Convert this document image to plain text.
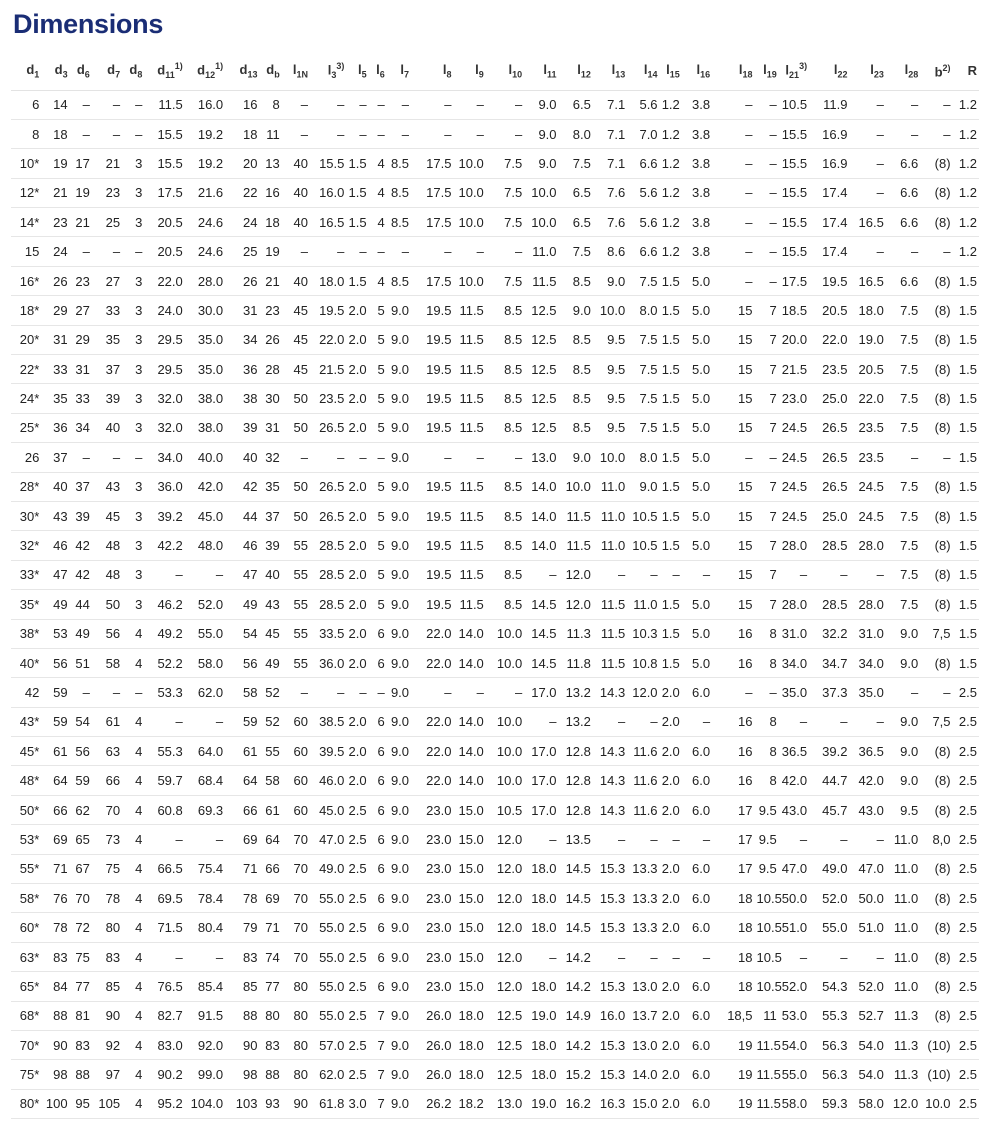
Dimensions
$d_1$	$d_3$	$d_6$	$d_7$	$d_8$	$d_{11}^{1)}$	$d_{12}^{1)}$	$d_{13}$	$d_b$	$l_{1N}$	$l_3^{3)}$	$l_5$	$l_6$	$l_7$	$l_8$	$l_9$	$l_{10}$	$l_{11}$	$l_{12}$	$l_{13}$	$l_{14}$	$l_{15}$	$l_{16}$	$l_{18}$	$l_{19}$	$l_{21}^{3)}$	$l_{22}$	$l_{23}$	$l_{28}$	$b^{2)}$	R
6	14	–	–	–	11.5	16.0	16	8	–	–	–	–	–	–	–	–	9.0	6.5	7.1	5.6	1.2	3.8	–	–	10.5	11.9	–	–	–	1.2
8	18	–	–	–	15.5	19.2	18	11	–	–	–	–	–	–	–	–	9.0	8.0	7.1	7.0	1.2	3.8	–	–	15.5	16.9	–	–	–	1.2
10*	19	17	21	3	15.5	19.2	20	13	40	15.5	1.5	4	8.5	17.5	10.0	7.5	9.0	7.5	7.1	6.6	1.2	3.8	–	–	15.5	16.9	–	6.6	(8)	1.2
12*	21	19	23	3	17.5	21.6	22	16	40	16.0	1.5	4	8.5	17.5	10.0	7.5	10.0	6.5	7.6	5.6	1.2	3.8	–	–	15.5	17.4	–	6.6	(8)	1.2
14*	23	21	25	3	20.5	24.6	24	18	40	16.5	1.5	4	8.5	17.5	10.0	7.5	10.0	6.5	7.6	5.6	1.2	3.8	–	–	15.5	17.4	16.5	6.6	(8)	1.2
15	24	–	–	–	20.5	24.6	25	19	–	–	–	–	–	–	–	–	11.0	7.5	8.6	6.6	1.2	3.8	–	–	15.5	17.4	–	–	–	1.2
16*	26	23	27	3	22.0	28.0	26	21	40	18.0	1.5	4	8.5	17.5	10.0	7.5	11.5	8.5	9.0	7.5	1.5	5.0	–	–	17.5	19.5	16.5	6.6	(8)	1.5
18*	29	27	33	3	24.0	30.0	31	23	45	19.5	2.0	5	9.0	19.5	11.5	8.5	12.5	9.0	10.0	8.0	1.5	5.0	15	7	18.5	20.5	18.0	7.5	(8)	1.5
20*	31	29	35	3	29.5	35.0	34	26	45	22.0	2.0	5	9.0	19.5	11.5	8.5	12.5	8.5	9.5	7.5	1.5	5.0	15	7	20.0	22.0	19.0	7.5	(8)	1.5
22*	33	31	37	3	29.5	35.0	36	28	45	21.5	2.0	5	9.0	19.5	11.5	8.5	12.5	8.5	9.5	7.5	1.5	5.0	15	7	21.5	23.5	20.5	7.5	(8)	1.5
24*	35	33	39	3	32.0	38.0	38	30	50	23.5	2.0	5	9.0	19.5	11.5	8.5	12.5	8.5	9.5	7.5	1.5	5.0	15	7	23.0	25.0	22.0	7.5	(8)	1.5
25*	36	34	40	3	32.0	38.0	39	31	50	26.5	2.0	5	9.0	19.5	11.5	8.5	12.5	8.5	9.5	7.5	1.5	5.0	15	7	24.5	26.5	23.5	7.5	(8)	1.5
26	37	–	–	–	34.0	40.0	40	32	–	–	–	–	9.0	–	–	–	13.0	9.0	10.0	8.0	1.5	5.0	–	–	24.5	26.5	23.5	–	–	1.5
28*	40	37	43	3	36.0	42.0	42	35	50	26.5	2.0	5	9.0	19.5	11.5	8.5	14.0	10.0	11.0	9.0	1.5	5.0	15	7	24.5	26.5	24.5	7.5	(8)	1.5
30*	43	39	45	3	39.2	45.0	44	37	50	26.5	2.0	5	9.0	19.5	11.5	8.5	14.0	11.5	11.0	10.5	1.5	5.0	15	7	24.5	25.0	24.5	7.5	(8)	1.5
32*	46	42	48	3	42.2	48.0	46	39	55	28.5	2.0	5	9.0	19.5	11.5	8.5	14.0	11.5	11.0	10.5	1.5	5.0	15	7	28.0	28.5	28.0	7.5	(8)	1.5
33*	47	42	48	3	–	–	47	40	55	28.5	2.0	5	9.0	19.5	11.5	8.5	–	12.0	–	–	–	–	15	7	–	–	–	7.5	(8)	1.5
35*	49	44	50	3	46.2	52.0	49	43	55	28.5	2.0	5	9.0	19.5	11.5	8.5	14.5	12.0	11.5	11.0	1.5	5.0	15	7	28.0	28.5	28.0	7.5	(8)	1.5
38*	53	49	56	4	49.2	55.0	54	45	55	33.5	2.0	6	9.0	22.0	14.0	10.0	14.5	11.3	11.5	10.3	1.5	5.0	16	8	31.0	32.2	31.0	9.0	7,5	1.5
40*	56	51	58	4	52.2	58.0	56	49	55	36.0	2.0	6	9.0	22.0	14.0	10.0	14.5	11.8	11.5	10.8	1.5	5.0	16	8	34.0	34.7	34.0	9.0	(8)	1.5
42	59	–	–	–	53.3	62.0	58	52	–	–	–	–	9.0	–	–	–	17.0	13.2	14.3	12.0	2.0	6.0	–	–	35.0	37.3	35.0	–	–	2.5
43*	59	54	61	4	–	–	59	52	60	38.5	2.0	6	9.0	22.0	14.0	10.0	–	13.2	–	–	2.0	–	16	8	–	–	–	9.0	7,5	2.5
45*	61	56	63	4	55.3	64.0	61	55	60	39.5	2.0	6	9.0	22.0	14.0	10.0	17.0	12.8	14.3	11.6	2.0	6.0	16	8	36.5	39.2	36.5	9.0	(8)	2.5
48*	64	59	66	4	59.7	68.4	64	58	60	46.0	2.0	6	9.0	22.0	14.0	10.0	17.0	12.8	14.3	11.6	2.0	6.0	16	8	42.0	44.7	42.0	9.0	(8)	2.5
50*	66	62	70	4	60.8	69.3	66	61	60	45.0	2.5	6	9.0	23.0	15.0	10.5	17.0	12.8	14.3	11.6	2.0	6.0	17	9.5	43.0	45.7	43.0	9.5	(8)	2.5
53*	69	65	73	4	–	–	69	64	70	47.0	2.5	6	9.0	23.0	15.0	12.0	–	13.5	–	–	–	–	17	9.5	–	–	–	11.0	8,0	2.5
55*	71	67	75	4	66.5	75.4	71	66	70	49.0	2.5	6	9.0	23.0	15.0	12.0	18.0	14.5	15.3	13.3	2.0	6.0	17	9.5	47.0	49.0	47.0	11.0	(8)	2.5
58*	76	70	78	4	69.5	78.4	78	69	70	55.0	2.5	6	9.0	23.0	15.0	12.0	18.0	14.5	15.3	13.3	2.0	6.0	18	10.5	50.0	52.0	50.0	11.0	(8)	2.5
60*	78	72	80	4	71.5	80.4	79	71	70	55.0	2.5	6	9.0	23.0	15.0	12.0	18.0	14.5	15.3	13.3	2.0	6.0	18	10.5	51.0	55.0	51.0	11.0	(8)	2.5
63*	83	75	83	4	–	–	83	74	70	55.0	2.5	6	9.0	23.0	15.0	12.0	–	14.2	–	–	–	–	18	10.5	–	–	–	11.0	(8)	2.5
65*	84	77	85	4	76.5	85.4	85	77	80	55.0	2.5	6	9.0	23.0	15.0	12.0	18.0	14.2	15.3	13.0	2.0	6.0	18	10.5	52.0	54.3	52.0	11.0	(8)	2.5
68*	88	81	90	4	82.7	91.5	88	80	80	55.0	2.5	7	9.0	26.0	18.0	12.5	19.0	14.9	16.0	13.7	2.0	6.0	18,5	11	53.0	55.3	52.7	11.3	(8)	2.5
70*	90	83	92	4	83.0	92.0	90	83	80	57.0	2.5	7	9.0	26.0	18.0	12.5	18.0	14.2	15.3	13.0	2.0	6.0	19	11.5	54.0	56.3	54.0	11.3	(10)	2.5
75*	98	88	97	4	90.2	99.0	98	88	80	62.0	2.5	7	9.0	26.0	18.0	12.5	18.0	15.2	15.3	14.0	2.0	6.0	19	11.5	55.0	56.3	54.0	11.3	(10)	2.5
80*	100	95	105	4	95.2	104.0	103	93	90	61.8	3.0	7	9.0	26.2	18.2	13.0	19.0	16.2	16.3	15.0	2.0	6.0	19	11.5	58.0	59.3	58.0	12.0	10.0	2.5
